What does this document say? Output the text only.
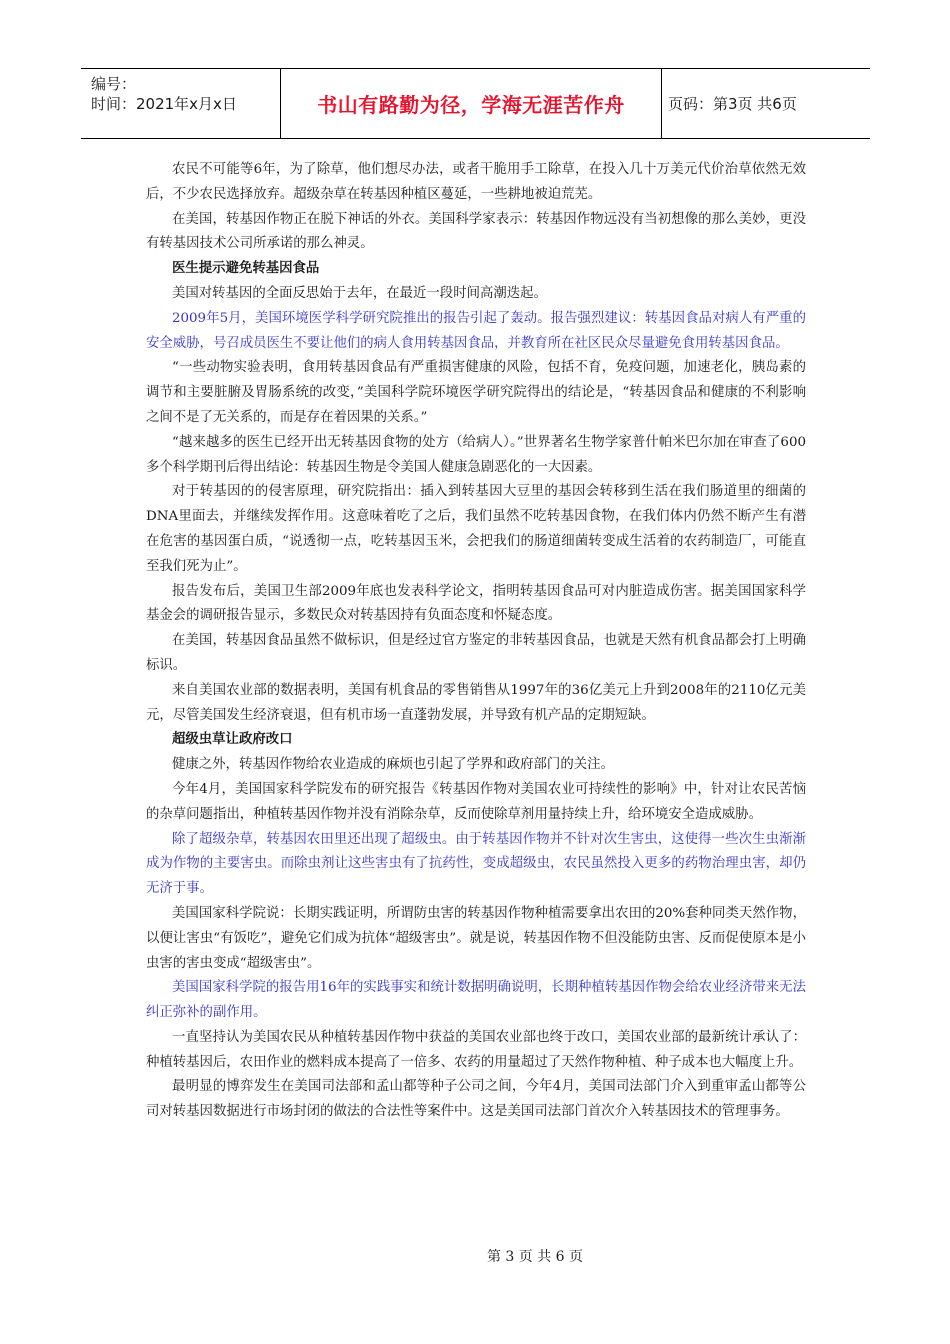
编号：
时间：2021年x月x日	书山有路勤为径，学海无涯苦作舟	页码：第3页 共6页

农民不可能等6年，为了除草，他们想尽办法，或者干脆用手工除草，在投入几十万美元代价治草依然无效后，不少农民选择放弃。超级杂草在转基因种植区蔓延，一些耕地被迫荒芜。

在美国，转基因作物正在脱下神话的外衣。美国科学家表示：转基因作物远没有当初想像的那么美妙，更没有转基因技术公司所承诺的那么神灵。

医生提示避免转基因食品

美国对转基因的全面反思始于去年，在最近一段时间高潮迭起。

2009年5月，美国环境医学科学研究院推出的报告引起了轰动。报告强烈建议：转基因食品对病人有严重的安全威胁，号召成员医生不要让他们的病人食用转基因食品，并教育所在社区民众尽量避免食用转基因食品。

“一些动物实验表明，食用转基因食品有严重损害健康的风险，包括不育，免疫问题，加速老化，胰岛素的调节和主要脏腑及胃肠系统的改变，”美国科学院环境医学研究院得出的结论是，“转基因食品和健康的不利影响之间不是了无关系的，而是存在着因果的关系。”

“越来越多的医生已经开出无转基因食物的处方（给病人）。”世界著名生物学家普什帕米巴尔加在审查了600多个科学期刊后得出结论：转基因生物是令美国人健康急剧恶化的一大因素。

对于转基因的的侵害原理，研究院指出：插入到转基因大豆里的基因会转移到生活在我们肠道里的细菌的DNA里面去，并继续发挥作用。这意味着吃了之后，我们虽然不吃转基因食物，在我们体内仍然不断产生有潜在危害的基因蛋白质，“说透彻一点，吃转基因玉米，会把我们的肠道细菌转变成生活着的农药制造厂，可能直至我们死为止”。

报告发布后，美国卫生部2009年底也发表科学论文，指明转基因食品可对内脏造成伤害。据美国国家科学基金会的调研报告显示，多数民众对转基因持有负面态度和怀疑态度。

在美国，转基因食品虽然不做标识，但是经过官方鉴定的非转基因食品，也就是天然有机食品都会打上明确标识。

来自美国农业部的数据表明，美国有机食品的零售销售从1997年的36亿美元上升到2008年的2110亿元美元，尽管美国发生经济衰退，但有机市场一直蓬勃发展，并导致有机产品的定期短缺。

超级虫草让政府改口

健康之外，转基因作物给农业造成的麻烦也引起了学界和政府部门的关注。

今年4月，美国国家科学院发布的研究报告《转基因作物对美国农业可持续性的影响》中，针对让农民苦恼的杂草问题指出，种植转基因作物并没有消除杂草，反而使除草剂用量持续上升，给环境安全造成威胁。

除了超级杂草，转基因农田里还出现了超级虫。由于转基因作物并不针对次生害虫，这使得一些次生虫渐渐成为作物的主要害虫。而除虫剂让这些害虫有了抗药性，变成超级虫，农民虽然投入更多的药物治理虫害，却仍无济于事。

美国国家科学院说：长期实践证明，所谓防虫害的转基因作物种植需要拿出农田的20%套种同类天然作物，以便让害虫“有饭吃”，避免它们成为抗体“超级害虫”。就是说，转基因作物不但没能防虫害、反而促使原本是小虫害的害虫变成“超级害虫”。

美国国家科学院的报告用16年的实践事实和统计数据明确说明，长期种植转基因作物会给农业经济带来无法纠正弥补的副作用。

一直坚持认为美国农民从种植转基因作物中获益的美国农业部也终于改口，美国农业部的最新统计承认了：种植转基因后，农田作业的燃料成本提高了一倍多、农药的用量超过了天然作物种植、种子成本也大幅度上升。

最明显的博弈发生在美国司法部和孟山都等种子公司之间，今年4月，美国司法部门介入到重审孟山都等公司对转基因数据进行市场封闭的做法的合法性等案件中。这是美国司法部门首次介入转基因技术的管理事务。

第 3 页 共 6 页
